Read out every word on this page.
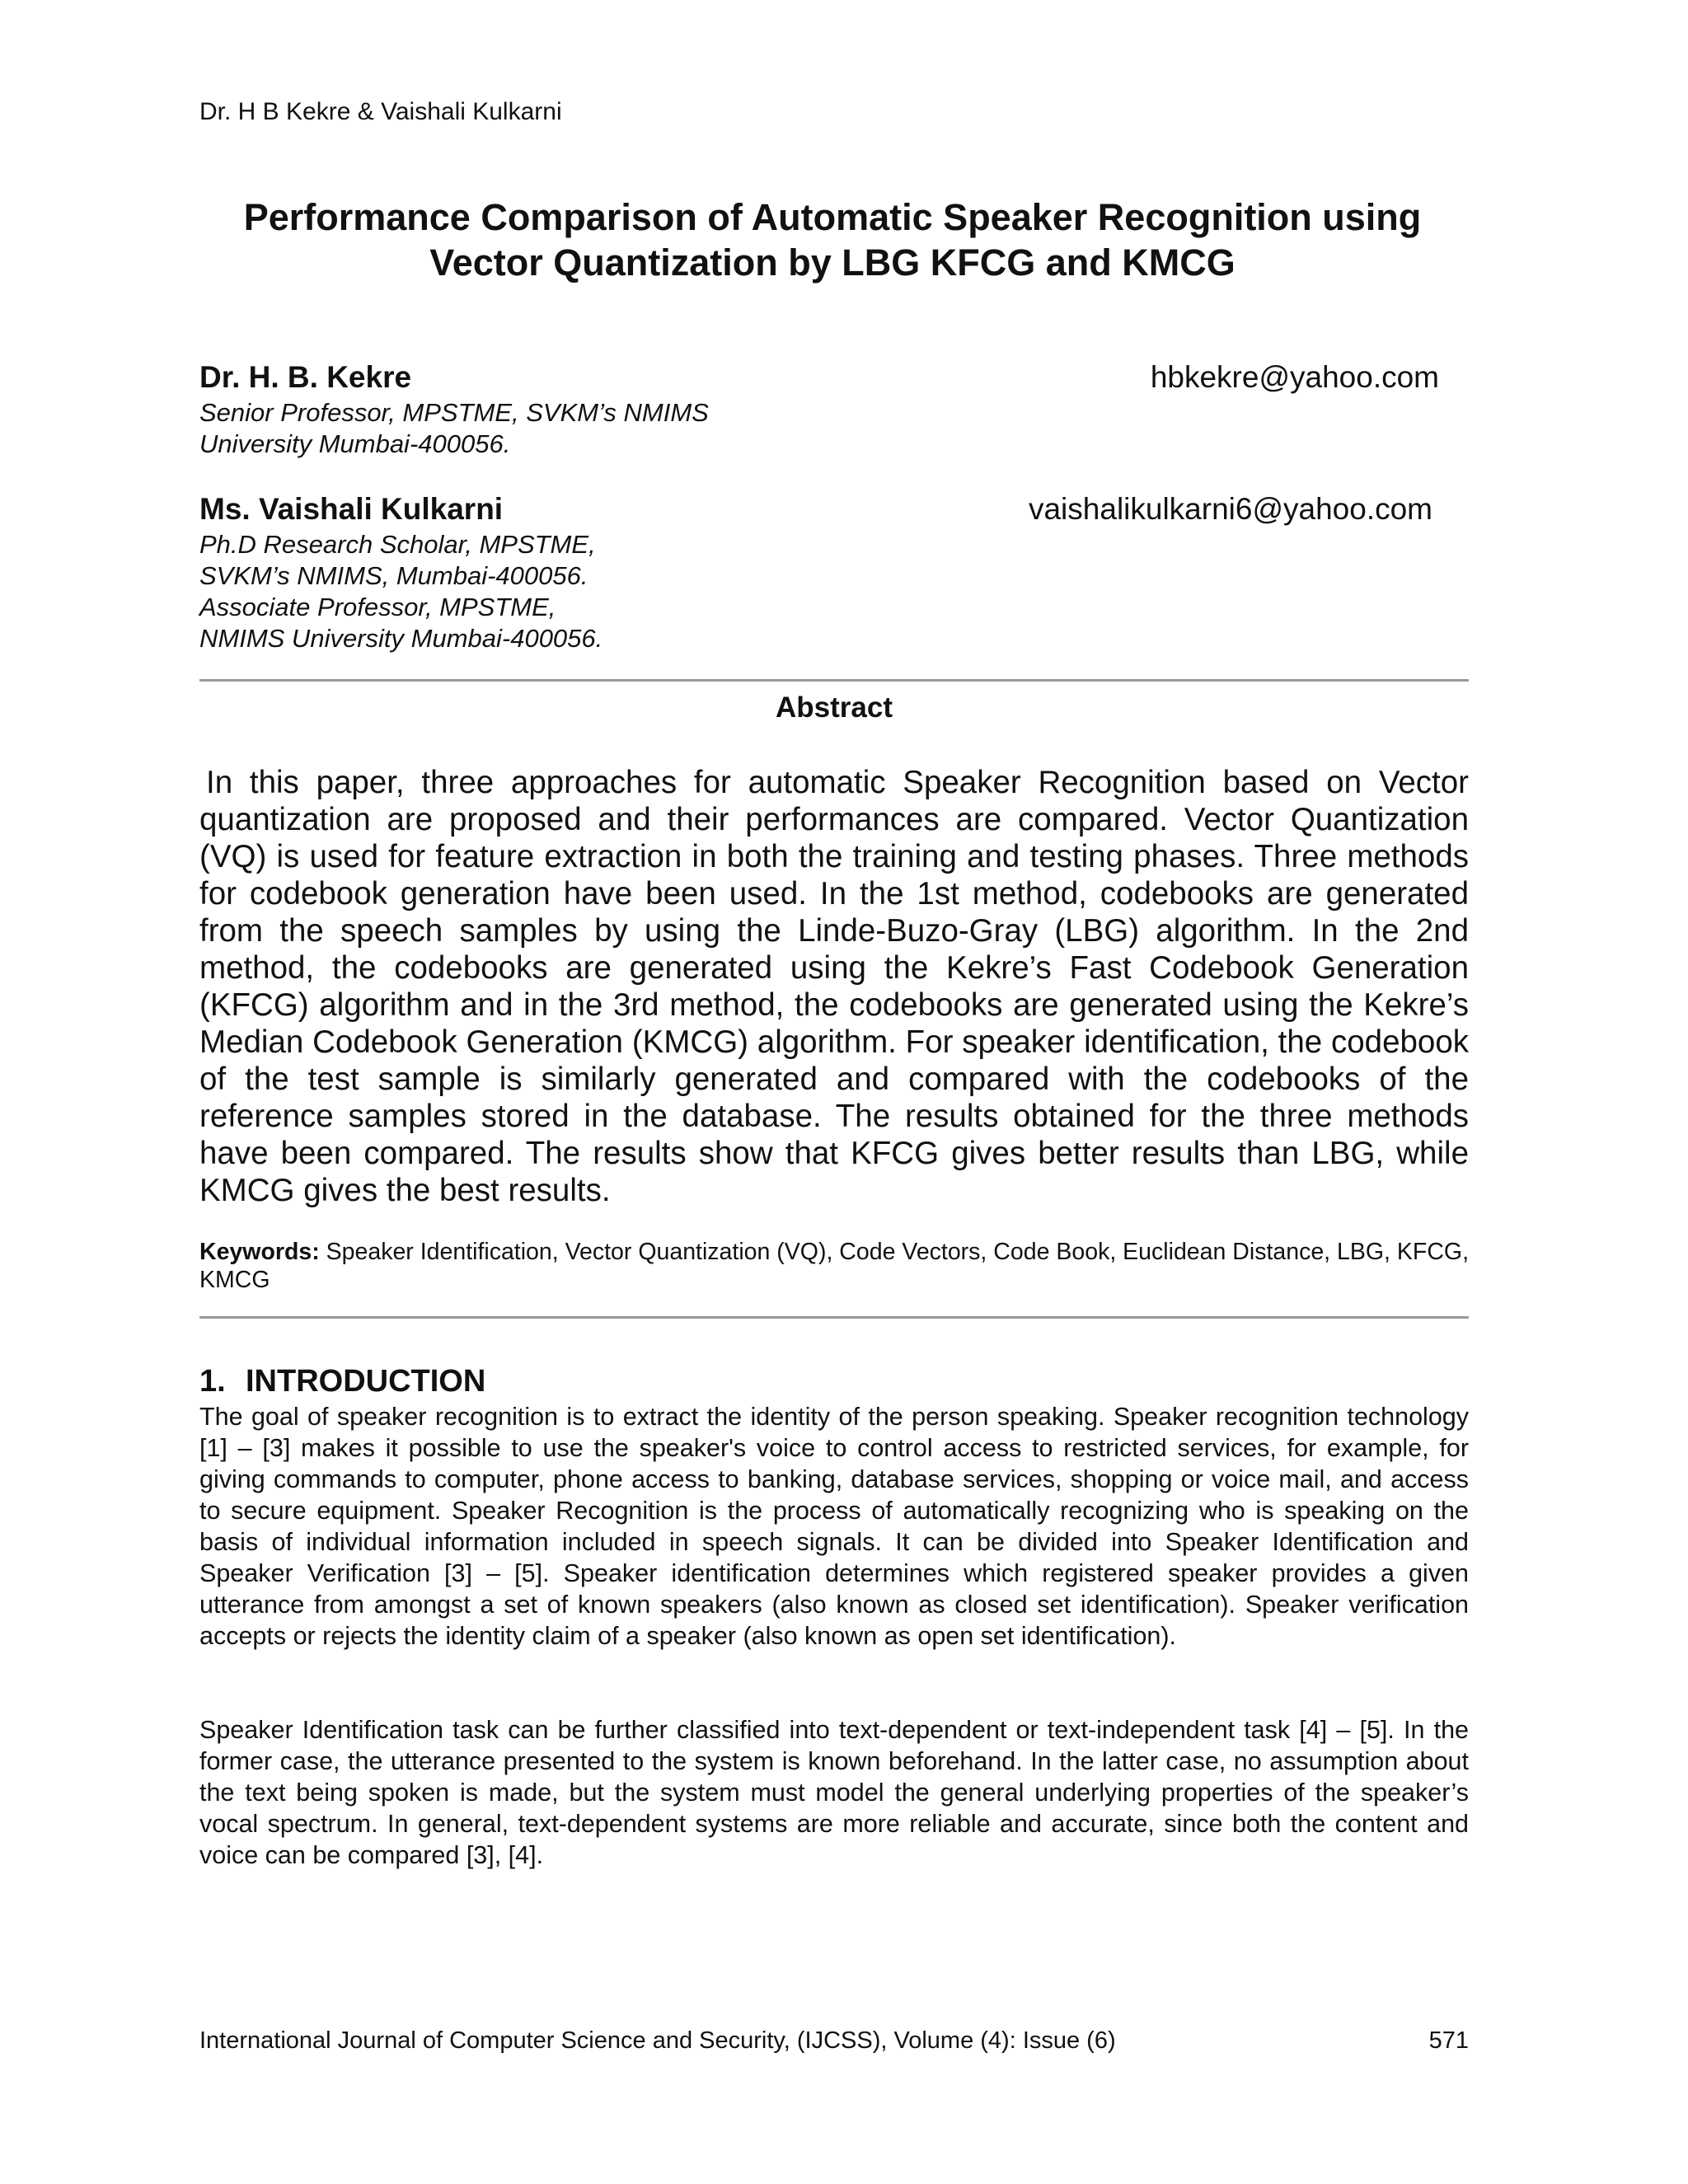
Dr. H B Kekre & Vaishali Kulkarni
Performance Comparison of Automatic Speaker Recognition using
Vector Quantization by LBG KFCG and KMCG
Dr. H. B. Kekre	hbkekre@yahoo.com
Senior Professor, MPSTME, SVKM’s NMIMS
University Mumbai-400056.
Ms. Vaishali Kulkarni	vaishalikulkarni6@yahoo.com
Ph.D Research Scholar, MPSTME,
SVKM’s NMIMS, Mumbai-400056.
Associate Professor, MPSTME,
NMIMS University Mumbai-400056.
Abstract
In this paper, three approaches for automatic Speaker Recognition based on Vector quantization are proposed and their performances are compared. Vector Quantization (VQ) is used for feature extraction in both the training and testing phases. Three methods for codebook generation have been used. In the 1st method, codebooks are generated from the speech samples by using the Linde-Buzo-Gray (LBG) algorithm. In the 2nd method, the codebooks are generated using the Kekre’s Fast Codebook Generation (KFCG) algorithm and in the 3rd method, the codebooks are generated using the Kekre’s Median Codebook Generation (KMCG) algorithm. For speaker identification, the codebook of the test sample is similarly generated and compared with the codebooks of the reference samples stored in the database. The results obtained for the three methods have been compared. The results show that KFCG gives better results than LBG, while KMCG gives the best results.
Keywords: Speaker Identification, Vector Quantization (VQ), Code Vectors, Code Book, Euclidean Distance, LBG, KFCG, KMCG
1. INTRODUCTION
The goal of speaker recognition is to extract the identity of the person speaking. Speaker recognition technology [1] – [3] makes it possible to use the speaker's voice to control access to restricted services, for example, for giving commands to computer, phone access to banking, database services, shopping or voice mail, and access to secure equipment. Speaker Recognition is the process of automatically recognizing who is speaking on the basis of individual information included in speech signals. It can be divided into Speaker Identification and Speaker Verification [3] – [5]. Speaker identification determines which registered speaker provides a given utterance from amongst a set of known speakers (also known as closed set identification). Speaker verification accepts or rejects the identity claim of a speaker (also known as open set identification).
Speaker Identification task can be further classified into text-dependent or text-independent task [4] – [5]. In the former case, the utterance presented to the system is known beforehand. In the latter case, no assumption about the text being spoken is made, but the system must model the general underlying properties of the speaker’s vocal spectrum. In general, text-dependent systems are more reliable and accurate, since both the content and voice can be compared [3], [4].
International Journal of Computer Science and Security, (IJCSS), Volume (4): Issue (6)	571
